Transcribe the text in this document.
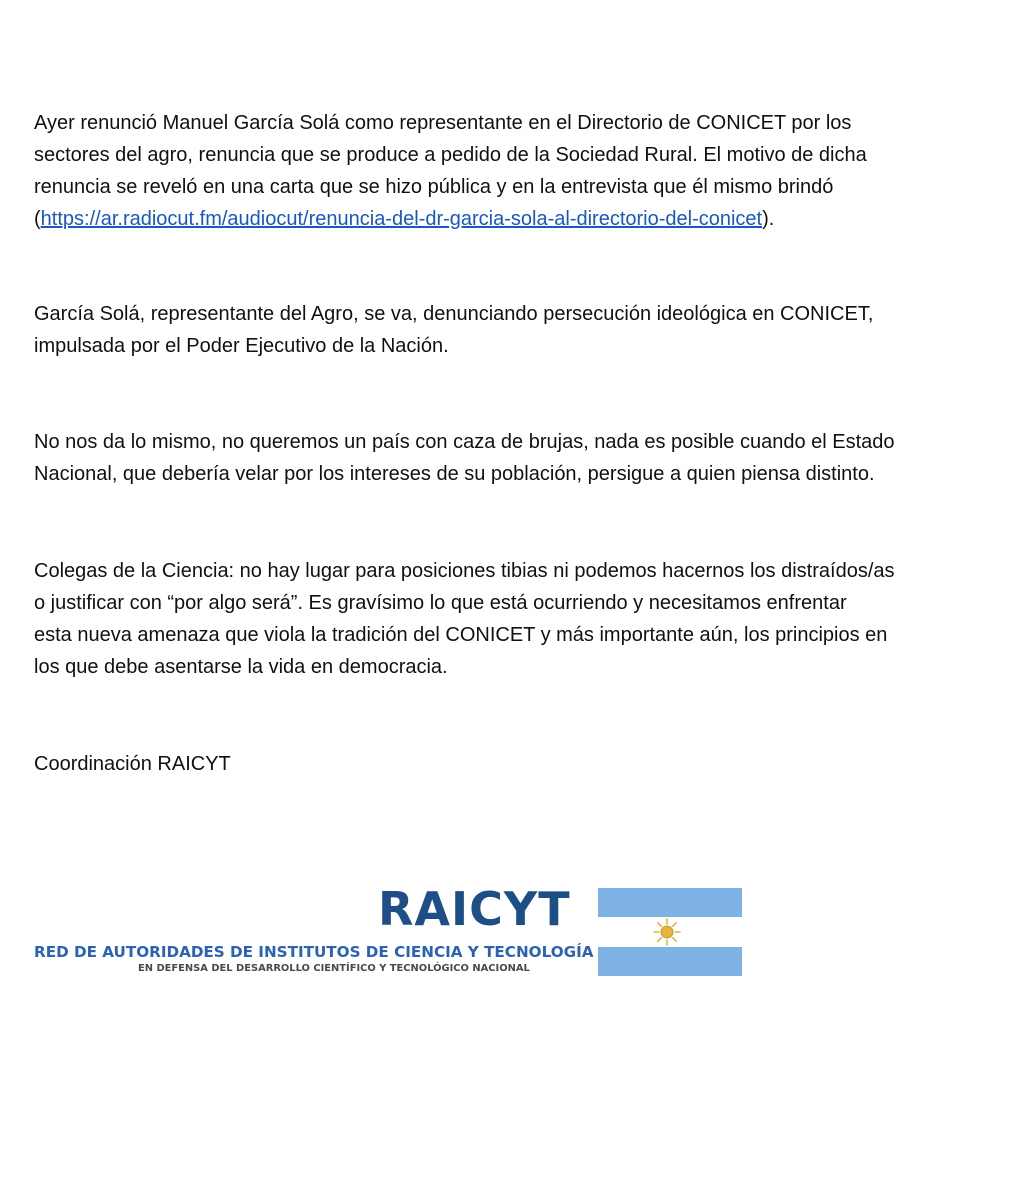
Ayer renunció Manuel García Solá como representante en el Directorio de CONICET por los
sectores del agro, renuncia que se produce a pedido de la Sociedad Rural. El motivo de dicha
renuncia se reveló en una carta que se hizo pública y en la entrevista que él mismo brindó
(https://ar.radiocut.fm/audiocut/renuncia-del-dr-garcia-sola-al-directorio-del-conicet).

García Solá, representante del Agro, se va, denunciando persecución ideológica en CONICET,
impulsada por el Poder Ejecutivo de la Nación.

No nos da lo mismo, no queremos un país con caza de brujas, nada es posible cuando el Estado
Nacional, que debería velar por los intereses de su población, persigue a quien piensa distinto.

Colegas de la Ciencia: no hay lugar para posiciones tibias ni podemos hacernos los distraídos/as
o justificar con “por algo será”. Es gravísimo lo que está ocurriendo y necesitamos enfrentar
esta nueva amenaza que viola la tradición del CONICET y más importante aún, los principios en
los que debe asentarse la vida en democracia.

Coordinación RAICYT

RAICYT
RED DE AUTORIDADES DE INSTITUTOS DE CIENCIA Y TECNOLOGÍA
EN DEFENSA DEL DESARROLLO CIENTÍFICO Y TECNOLÓGICO NACIONAL
